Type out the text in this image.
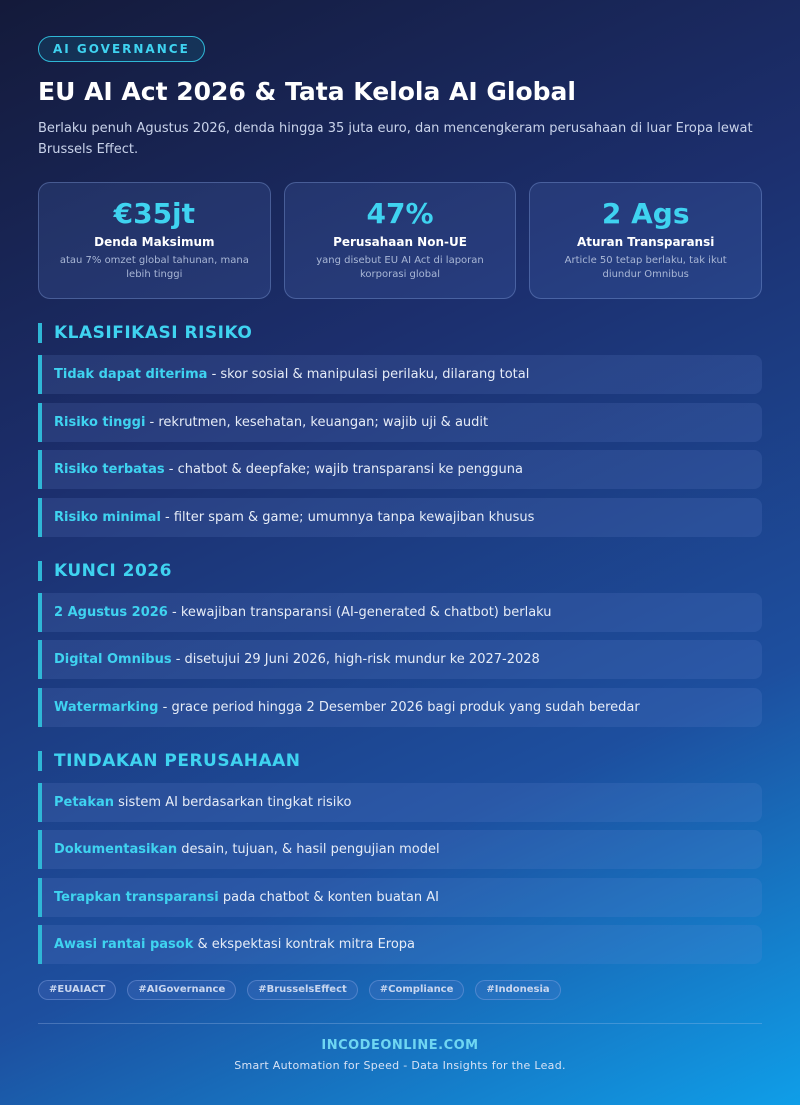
AI GOVERNANCE
EU AI Act 2026 & Tata Kelola AI Global

Berlaku penuh Agustus 2026, denda hingga 35 juta euro, dan mencengkeram perusahaan di luar Eropa lewat Brussels Effect.

€35jt
Denda Maksimum
atau 7% omzet global tahunan, mana lebih tinggi
47%
Perusahaan Non-UE
yang disebut EU AI Act di laporan korporasi global
2 Ags
Aturan Transparansi
Article 50 tetap berlaku, tak ikut diundur Omnibus
KLASIFIKASI RISIKO
Tidak dapat diterima - skor sosial & manipulasi perilaku, dilarang total
Risiko tinggi - rekrutmen, kesehatan, keuangan; wajib uji & audit
Risiko terbatas - chatbot & deepfake; wajib transparansi ke pengguna
Risiko minimal - filter spam & game; umumnya tanpa kewajiban khusus
KUNCI 2026
2 Agustus 2026 - kewajiban transparansi (AI-generated & chatbot) berlaku
Digital Omnibus - disetujui 29 Juni 2026, high-risk mundur ke 2027-2028
Watermarking - grace period hingga 2 Desember 2026 bagi produk yang sudah beredar
TINDAKAN PERUSAHAAN
Petakan sistem AI berdasarkan tingkat risiko
Dokumentasikan desain, tujuan, & hasil pengujian model
Terapkan transparansi pada chatbot & konten buatan AI
Awasi rantai pasok & ekspektasi kontrak mitra Eropa
#EUAIACT	#AIGovernance	#BrusselsEffect	#Compliance	#Indonesia
INCODEONLINE.COM
Smart Automation for Speed - Data Insights for the Lead.
